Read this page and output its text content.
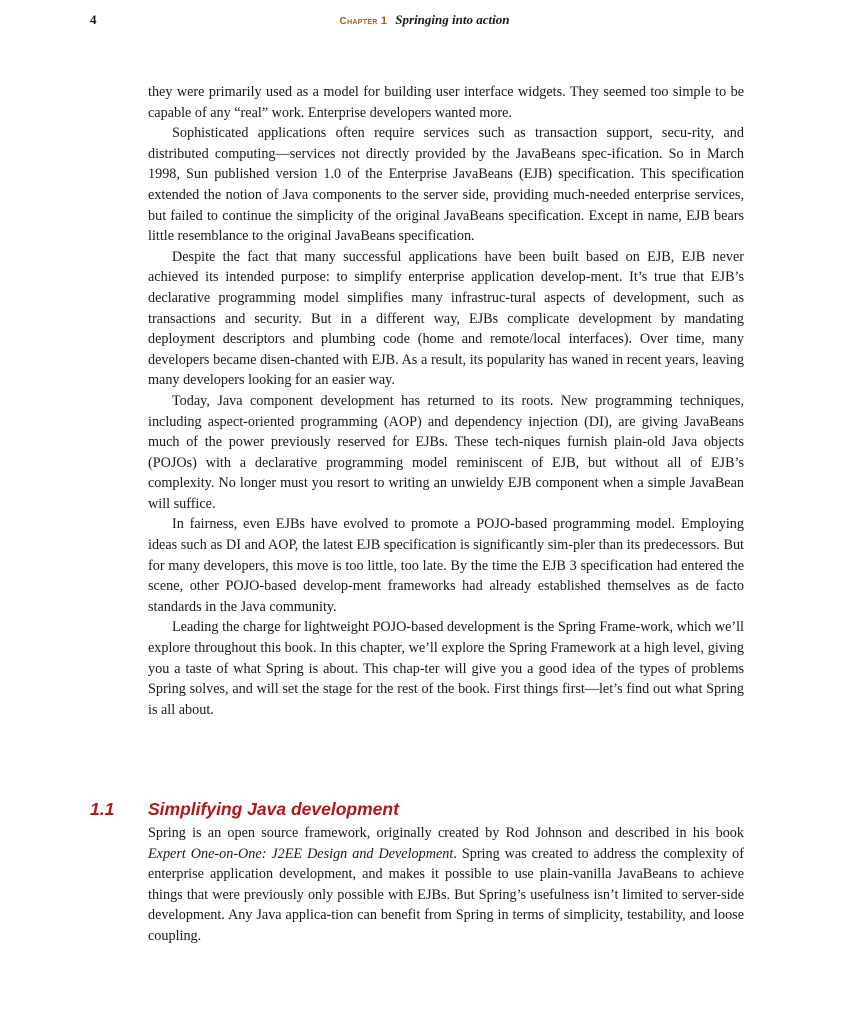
4	Chapter 1 Springing into action

they were primarily used as a model for building user interface widgets. They seemed too simple to be capable of any “real” work. Enterprise developers wanted more.

Sophisticated applications often require services such as transaction support, secu-rity, and distributed computing—services not directly provided by the JavaBeans spec-ification. So in March 1998, Sun published version 1.0 of the Enterprise JavaBeans (EJB) specification. This specification extended the notion of Java components to the server side, providing much-needed enterprise services, but failed to continue the simplicity of the original JavaBeans specification. Except in name, EJB bears little resemblance to the original JavaBeans specification.

Despite the fact that many successful applications have been built based on EJB, EJB never achieved its intended purpose: to simplify enterprise application develop-ment. It’s true that EJB’s declarative programming model simplifies many infrastruc-tural aspects of development, such as transactions and security. But in a different way, EJBs complicate development by mandating deployment descriptors and plumbing code (home and remote/local interfaces). Over time, many developers became disen-chanted with EJB. As a result, its popularity has waned in recent years, leaving many developers looking for an easier way.

Today, Java component development has returned to its roots. New programming techniques, including aspect-oriented programming (AOP) and dependency injection (DI), are giving JavaBeans much of the power previously reserved for EJBs. These tech-niques furnish plain-old Java objects (POJOs) with a declarative programming model reminiscent of EJB, but without all of EJB’s complexity. No longer must you resort to writing an unwieldy EJB component when a simple JavaBean will suffice.

In fairness, even EJBs have evolved to promote a POJO-based programming model. Employing ideas such as DI and AOP, the latest EJB specification is significantly sim-pler than its predecessors. But for many developers, this move is too little, too late. By the time the EJB 3 specification had entered the scene, other POJO-based develop-ment frameworks had already established themselves as de facto standards in the Java community.

Leading the charge for lightweight POJO-based development is the Spring Frame-work, which we’ll explore throughout this book. In this chapter, we’ll explore the Spring Framework at a high level, giving you a taste of what Spring is about. This chap-ter will give you a good idea of the types of problems Spring solves, and will set the stage for the rest of the book. First things first—let’s find out what Spring is all about.

1.1 Simplifying Java development

Spring is an open source framework, originally created by Rod Johnson and described in his book Expert One-on-One: J2EE Design and Development. Spring was created to address the complexity of enterprise application development, and makes it possible to use plain-vanilla JavaBeans to achieve things that were previously only possible with EJBs. But Spring’s usefulness isn’t limited to server-side development. Any Java applica-tion can benefit from Spring in terms of simplicity, testability, and loose coupling.
